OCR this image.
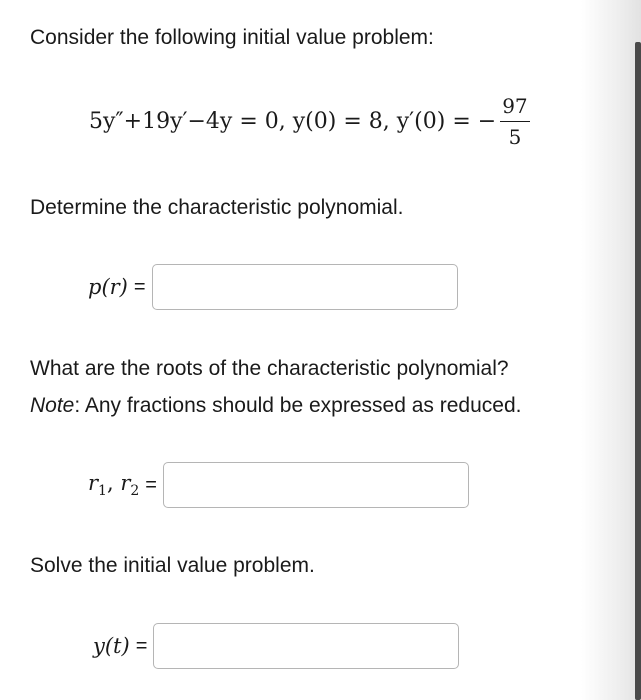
Consider the following initial value problem:
5y″+19y′−4y = 0, y(0) = 8, y′(0) = − $\frac{97}{5}$
Determine the characteristic polynomial.
p(r) =
What are the roots of the characteristic polynomial?
Note: Any fractions should be expressed as reduced.
$r_1$, $r_2$ =
Solve the initial value problem.
y(t) =
